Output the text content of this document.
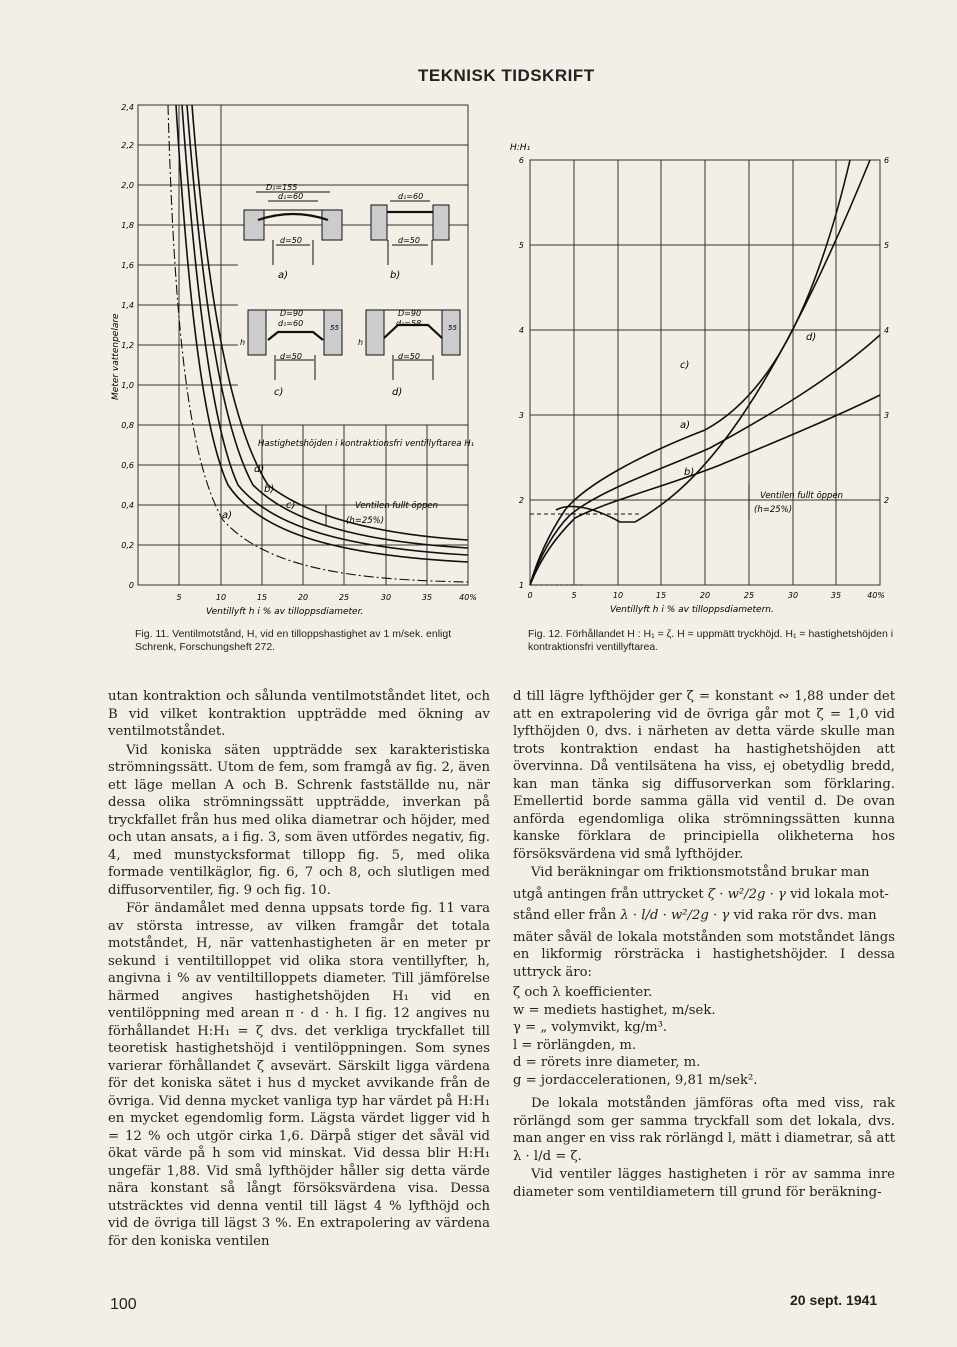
TEKNISK TIDSKRIFT
a)
b)
c)
d)
Hastighetshöjden i kontraktionsfri ventillyftarea H₁
Ventilen fullt öppen
(h=25%)
0
0,2
0,4
0,6
0,8
1,0
1,2
1,4
1,6
1,8
2,0
2,2
2,4
5	10	15	20	25	30	35	40%
Ventillyft h i % av tilloppsdiameter.
Meter vattenpelare
D₁=155
d₁=60
d=50
a)
d₁=60
d=50
b)
D=90
d₁=60
d=50
h
55
c)
D=90
d₁=58
d=50
h
55
d)
Fig. 11. Ventilmotstånd, H, vid en tilloppshastighet av 1 m/sek. enligt Schrenk, Forschungsheft 272.
a)
b)
c)
d)
Ventilen fullt öppen
(h=25%)
1
2
3
4
5
6
2
3
4
5
6
H:H₁
0	5	10	15	20	25	30	35	40%
Ventillyft h i % av tilloppsdiametern.
Fig. 12. Förhållandet H : H₁ = ζ. H = uppmätt tryckhöjd. H₁ = hastighetshöjden i kontraktionsfri ventillyftarea.

utan kontraktion och sålunda ventilmotståndet litet, och B vid vilket kontraktion uppträdde med ökning av ventilmotståndet.

Vid koniska säten uppträdde sex karakteristiska strömningssätt. Utom de fem, som framgå av fig. 2, även ett läge mellan A och B. Schrenk fastställde nu, när dessa olika strömningssätt uppträdde, inverkan på tryckfallet från hus med olika diametrar och höjder, med och utan ansats, a i fig. 3, som även utfördes negativ, fig. 4, med munstycksformat tillopp fig. 5, med olika formade ventilkäglor, fig. 6, 7 och 8, och slutligen med diffusorventiler, fig. 9 och fig. 10.

För ändamålet med denna uppsats torde fig. 11 vara av största intresse, av vilken framgår det totala motståndet, H, när vattenhastigheten är en meter pr sekund i ventiltilloppet vid olika stora ventillyfter, h, angivna i % av ventiltilloppets diameter. Till jämförelse härmed angives hastighetshöjden H₁ vid en ventilöppning med arean π · d · h. I fig. 12 angives nu förhållandet H:H₁ = ζ dvs. det verkliga tryckfallet till teoretisk hastighetshöjd i ventilöppningen. Som synes varierar förhållandet ζ avsevärt. Särskilt ligga värdena för det koniska sätet i hus d mycket avvikande från de övriga. Vid denna mycket vanliga typ har värdet på H:H₁ en mycket egendomlig form. Lägsta värdet ligger vid h = 12 % och utgör cirka 1,6. Därpå stiger det såväl vid ökat värde på h som vid minskat. Vid dessa blir H:H₁ ungefär 1,88. Vid små lyfthöjder håller sig detta värde nära konstant så långt försöksvärdena visa. Dessa utsträcktes vid denna ventil till lägst 4 % lyfthöjd och vid de övriga till lägst 3 %. En extrapolering av värdena för den koniska ventilen

d till lägre lyfthöjder ger ζ = konstant ∾ 1,88 under det att en extrapolering vid de övriga går mot ζ = 1,0 vid lyfthöjden 0, dvs. i närheten av detta värde skulle man trots kontraktion endast ha hastighetshöjden att övervinna. Då ventilsätena ha viss, ej obetydlig bredd, kan man tänka sig diffusorverkan som förklaring. Emellertid borde samma gälla vid ventil d. De ovan anförda egendomliga olika strömningssätten kunna kanske förklara de principiella olikheterna hos försöksvärdena vid små lyfthöjder.

Vid beräkningar om friktionsmotstånd brukar man

utgå antingen från uttrycket ζ · w²/2g · γ vid lokala mot-
stånd eller från λ · l/d · w²/2g · γ vid raka rör dvs. man

mäter såväl de lokala motstånden som motståndet längs en likformig rörsträcka i hastighetshöjder. I dessa uttryck äro:

ζ och λ koefficienter.
w = mediets hastighet, m/sek.
γ = „ volymvikt, kg/m³.
l = rörlängden, m.
d = rörets inre diameter, m.
g = jordaccelerationen, 9,81 m/sek².

De lokala motstånden jämföras ofta med viss, rak rörlängd som ger samma tryckfall som det lokala, dvs. man anger en viss rak rörlängd l, mätt i diametrar, så att λ · l/d = ζ.

Vid ventiler lägges hastigheten i rör av samma inre diameter som ventildiametern till grund för beräkning-

100	20 sept. 1941
